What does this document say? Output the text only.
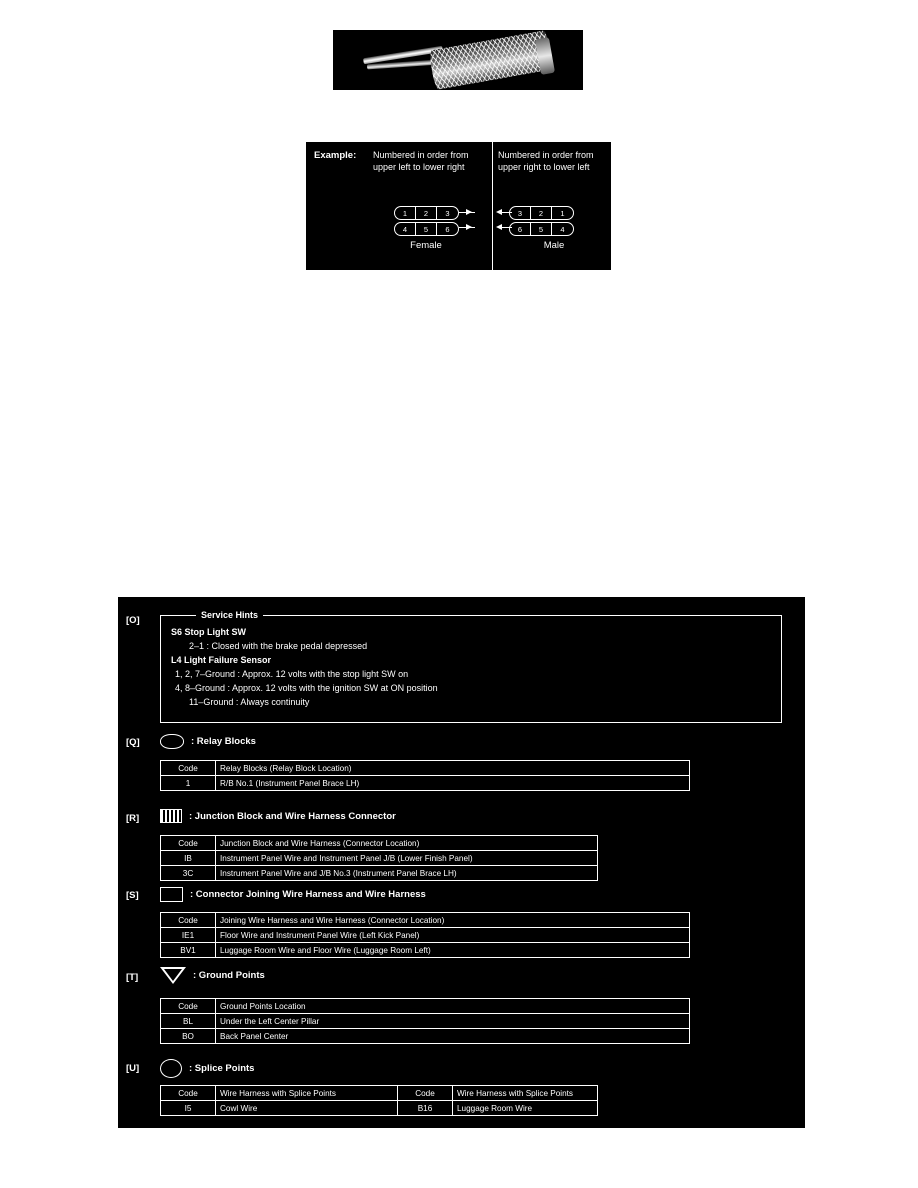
Example: Numbered in order from upper left to lower right
Numbered in order from upper right to lower left
1	2	3
4	5	6
Female
3	2	1
6	5	4
Male
[O]	Service Hints
S6 Stop Light SW
2–1 : Closed with the brake pedal depressed
L4 Light Failure Sensor
1, 2, 7–Ground : Approx. 12 volts with the stop light SW on
4, 8–Ground : Approx. 12 volts with the ignition SW at ON position
11–Ground : Always continuity
[Q]	: Relay Blocks
Code	Relay Blocks (Relay Block Location)
1	R/B No.1 (Instrument Panel Brace LH)
[R]	: Junction Block and Wire Harness Connector
Code	Junction Block and Wire Harness (Connector Location)
IB	Instrument Panel Wire and Instrument Panel J/B (Lower Finish Panel)
3C	Instrument Panel Wire and J/B No.3 (Instrument Panel Brace LH)
[S]	: Connector Joining Wire Harness and Wire Harness
Code	Joining Wire Harness and Wire Harness (Connector Location)
IE1	Floor Wire and Instrument Panel Wire (Left Kick Panel)
BV1	Luggage Room Wire and Floor Wire (Luggage Room Left)
[T]	: Ground Points
Code	Ground Points Location
BL	Under the Left Center Pillar
BO	Back Panel Center
[U]	: Splice Points
Code	Wire Harness with Splice Points	Code	Wire Harness with Splice Points
I5	Cowl Wire	B16	Luggage Room Wire
